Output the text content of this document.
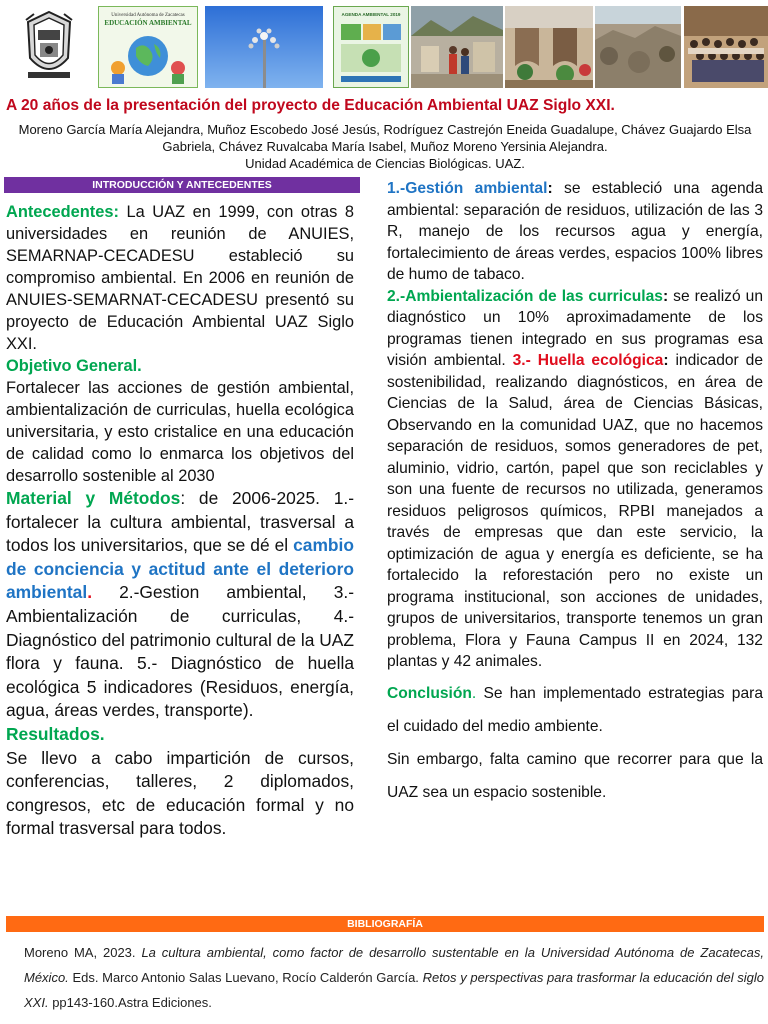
Universidad Autónoma de Zacatecas
EDUCACIÓN AMBIENTAL
AGENDA AMBIENTAL 2019
A 20 años de la presentación del proyecto de Educación Ambiental UAZ Siglo XXI.
Moreno García María Alejandra, Muñoz Escobedo José Jesús, Rodríguez Castrejón Eneida Guadalupe, Chávez Guajardo Elsa Gabriela, Chávez Ruvalcaba María Isabel, Muñoz Moreno Yersinia Alejandra.
Unidad Académica de Ciencias Biológicas. UAZ.
INTRODUCCIÓN Y ANTECEDENTES

Antecedentes: La UAZ en 1999, con otras 8 universidades en reunión de ANUIES, SEMARNAP-CECADESU estableció su compromiso ambiental. En 2006 en reunión de ANUIES-SEMARNAT-CECADESU presentó su proyecto de Educación Ambiental UAZ Siglo XXI.

Objetivo General.

Fortalecer las acciones de gestión ambiental, ambientalización de curriculas, huella ecológica universitaria, y esto cristalice en una educación de calidad como lo enmarca los objetivos del desarrollo sostenible al 2030

Material y Métodos: de 2006-2025. 1.- fortalecer la cultura ambiental, trasversal a todos los universitarios, que se dé el cambio de conciencia y actitud ante el deterioro ambiental. 2.-Gestion ambiental, 3.- Ambientalización de curriculas, 4.- Diagnóstico del patrimonio cultural de la UAZ flora y fauna. 5.- Diagnóstico de huella ecológica 5 indicadores (Residuos, energía, agua, áreas verdes, transporte).

Resultados.

Se llevo a cabo impartición de cursos, conferencias, talleres, 2 diplomados, congresos, etc de educación formal y no formal trasversal para todos.

1.-Gestión ambiental: se estableció una agenda ambiental: separación de residuos, utilización de las 3 R, manejo de los recursos agua y energía, fortalecimiento de áreas verdes, espacios 100% libres de humo de tabaco.

2.-Ambientalización de las curriculas: se realizó un diagnóstico un 10% aproximadamente de los programas tienen integrado en sus programas esa visión ambiental. 3.- Huella ecológica: indicador de sostenibilidad, realizando diagnósticos, en área de Ciencias de la Salud, área de Ciencias Básicas, Observando en la comunidad UAZ, que no hacemos separación de residuos, somos generadores de pet, aluminio, vidrio, cartón, papel que son reciclables y son una fuente de recursos no utilizada, generamos residuos peligrosos químicos, RPBI manejados a través de empresas que dan este servicio, la optimización de agua y energía es deficiente, se ha fortalecido la reforestación pero no existe un programa institucional, son acciones de unidades, grupos de universitarios, transporte tenemos un gran problema, Flora y Fauna Campus II en 2024, 132 plantas y 42 animales.

Conclusión. Se han implementado estrategias para el cuidado del medio ambiente.

Sin embargo, falta camino que recorrer para que la UAZ sea un espacio sostenible.

BIBLIOGRAFÍA
Moreno MA, 2023. La cultura ambiental, como factor de desarrollo sustentable en la Universidad Autónoma de Zacatecas, México. Eds. Marco Antonio Salas Luevano, Rocío Calderón García. Retos y perspectivas para trasformar la educación del siglo XXI. pp143-160.Astra Ediciones.
